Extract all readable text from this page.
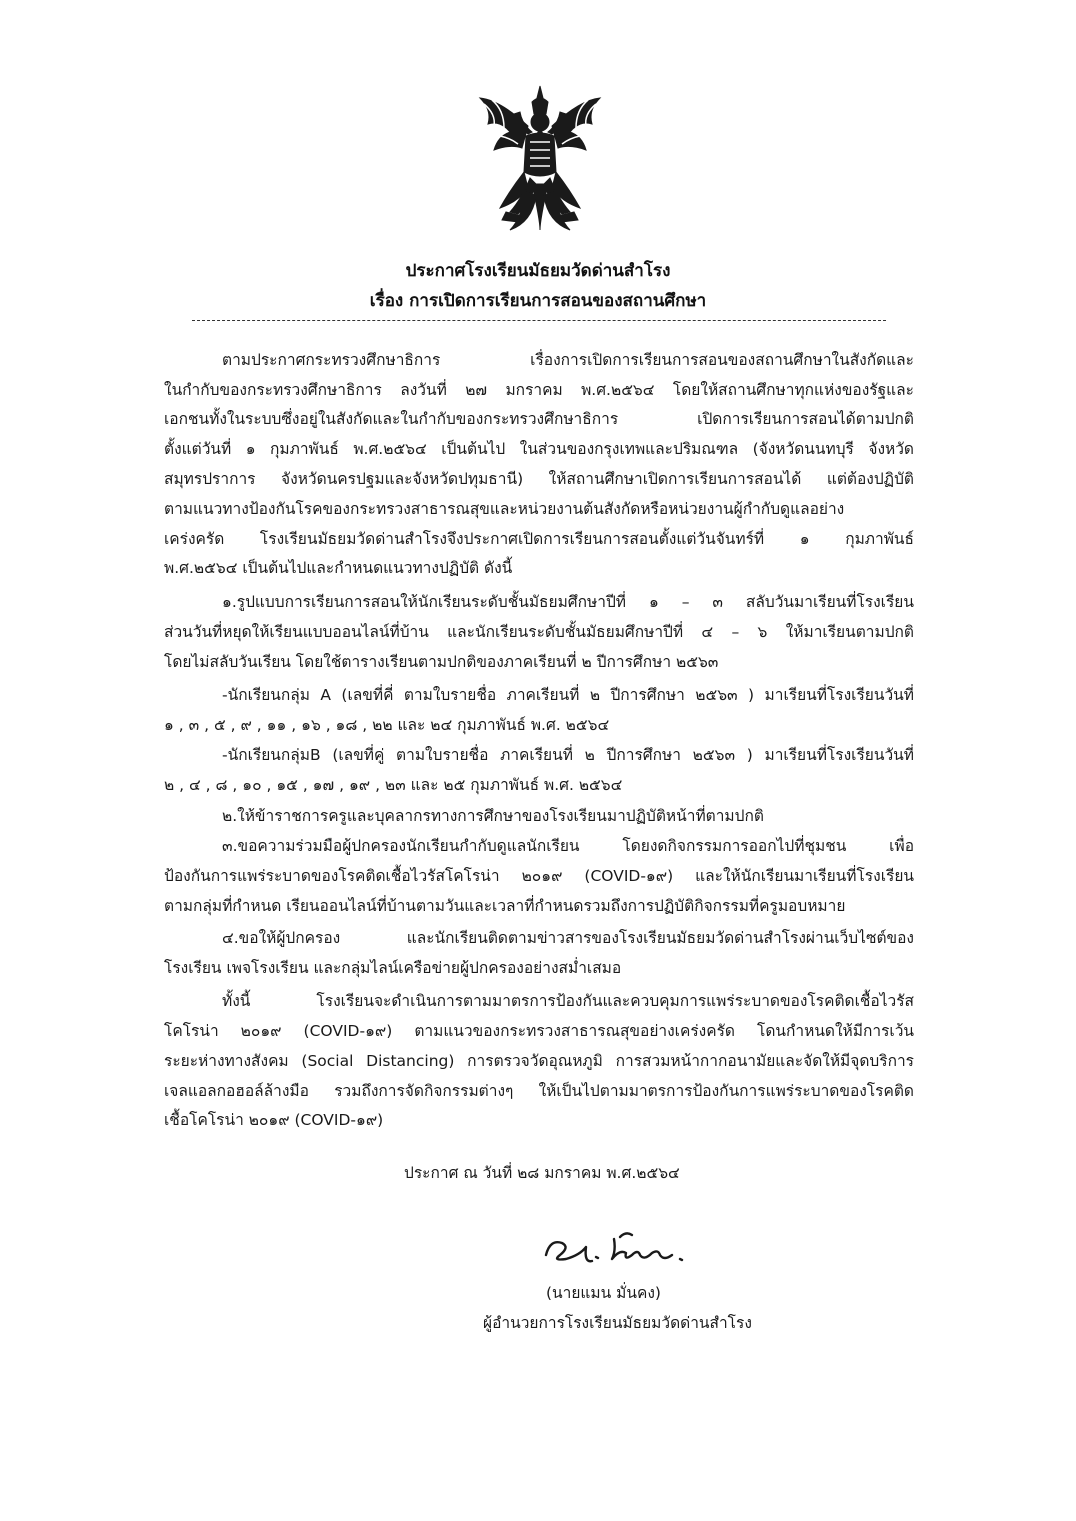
ประกาศโรงเรียนมัธยมวัดด่านสำโรง
เรื่อง การเปิดการเรียนการสอนของสถานศึกษา
ตามประกาศกระทรวงศึกษาธิการ เรื่องการเปิดการเรียนการสอนของสถานศึกษาในสังกัดและ
ในกำกับของกระทรวงศึกษาธิการ ลงวันที่ ๒๗ มกราคม พ.ศ.๒๕๖๔ โดยให้สถานศึกษาทุกแห่งของรัฐและ
เอกชนทั้งในระบบซึ่งอยู่ในสังกัดและในกำกับของกระทรวงศึกษาธิการ เปิดการเรียนการสอนได้ตามปกติ
ตั้งแต่วันที่ ๑ กุมภาพันธ์ พ.ศ.๒๕๖๔ เป็นต้นไป ในส่วนของกรุงเทพและปริมณฑล (จังหวัดนนทบุรี จังหวัด
สมุทรปราการ จังหวัดนครปฐมและจังหวัดปทุมธานี) ให้สถานศึกษาเปิดการเรียนการสอนได้ แต่ต้องปฏิบัติ
ตามแนวทางป้องกันโรคของกระทรวงสาธารณสุขและหน่วยงานต้นสังกัดหรือหน่วยงานผู้กำกับดูแลอย่าง
เคร่งครัด โรงเรียนมัธยมวัดด่านสำโรงจึงประกาศเปิดการเรียนการสอนตั้งแต่วันจันทร์ที่ ๑ กุมภาพันธ์
พ.ศ.๒๕๖๔ เป็นต้นไปและกำหนดแนวทางปฏิบัติ ดังนี้
๑.รูปแบบการเรียนการสอนให้นักเรียนระดับชั้นมัธยมศึกษาปีที่ ๑ – ๓ สลับวันมาเรียนที่โรงเรียน
ส่วนวันที่หยุดให้เรียนแบบออนไลน์ที่บ้าน และนักเรียนระดับชั้นมัธยมศึกษาปีที่ ๔ – ๖ ให้มาเรียนตามปกติ
โดยไม่สลับวันเรียน โดยใช้ตารางเรียนตามปกติของภาคเรียนที่ ๒ ปีการศึกษา ๒๕๖๓
-นักเรียนกลุ่ม A (เลขที่คี่ ตามใบรายชื่อ ภาคเรียนที่ ๒ ปีการศึกษา ๒๕๖๓ ) มาเรียนที่โรงเรียนวันที่
๑ , ๓ , ๕ , ๙ , ๑๑ , ๑๖ , ๑๘ , ๒๒ และ ๒๔ กุมภาพันธ์ พ.ศ. ๒๕๖๔
-นักเรียนกลุ่มB (เลขที่คู่ ตามใบรายชื่อ ภาคเรียนที่ ๒ ปีการศึกษา ๒๕๖๓ ) มาเรียนที่โรงเรียนวันที่
๒ , ๔ , ๘ , ๑๐ , ๑๕ , ๑๗ , ๑๙ , ๒๓ และ ๒๕ กุมภาพันธ์ พ.ศ. ๒๕๖๔
๒.ให้ข้าราชการครูและบุคลากรทางการศึกษาของโรงเรียนมาปฏิบัติหน้าที่ตามปกติ
๓.ขอความร่วมมือผู้ปกครองนักเรียนกำกับดูแลนักเรียน โดยงดกิจกรรมการออกไปที่ชุมชน เพื่อ
ป้องกันการแพร่ระบาดของโรคติดเชื้อไวรัสโคโรน่า ๒๐๑๙ (COVID-๑๙) และให้นักเรียนมาเรียนที่โรงเรียน
ตามกลุ่มที่กำหนด เรียนออนไลน์ที่บ้านตามวันและเวลาที่กำหนดรวมถึงการปฏิบัติกิจกรรมที่ครูมอบหมาย
๔.ขอให้ผู้ปกครอง และนักเรียนติดตามข่าวสารของโรงเรียนมัธยมวัดด่านสำโรงผ่านเว็บไซต์ของ
โรงเรียน เพจโรงเรียน และกลุ่มไลน์เครือข่ายผู้ปกครองอย่างสม่ำเสมอ
ทั้งนี้ โรงเรียนจะดำเนินการตามมาตรการป้องกันและควบคุมการแพร่ระบาดของโรคติดเชื้อไวรัส
โคโรน่า ๒๐๑๙ (COVID-๑๙) ตามแนวของกระทรวงสาธารณสุขอย่างเคร่งครัด โดนกำหนดให้มีการเว้น
ระยะห่างทางสังคม (Social Distancing) การตรวจวัดอุณหภูมิ การสวมหน้ากากอนามัยและจัดให้มีจุดบริการ
เจลแอลกอฮอล์ล้างมือ รวมถึงการจัดกิจกรรมต่างๆ ให้เป็นไปตามมาตรการป้องกันการแพร่ระบาดของโรคติด
เชื้อโคโรน่า ๒๐๑๙ (COVID-๑๙)
ประกาศ ณ วันที่ ๒๘ มกราคม พ.ศ.๒๕๖๔
(นายแมน มั่นคง)
ผู้อำนวยการโรงเรียนมัธยมวัดด่านสำโรง
